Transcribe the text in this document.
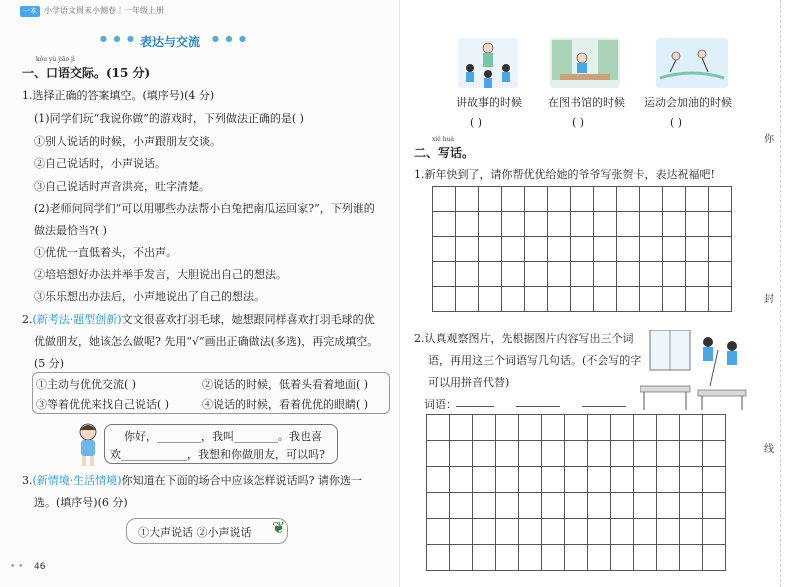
一本 小学语文周末小测卷｜一年级上册
● ● ● 表达与交流 ● ● ●
kǒu yǔ jiāo jì
一、口语交际。(15 分)
1.选择正确的答案填空。(填序号)(4 分)
(1)同学们玩“我说你做”的游戏时，下列做法正确的是( )
①别人说话的时候，小声跟朋友交谈。
②自己说话时，小声说话。
③自己说话时声音洪亮，吐字清楚。
(2)老师问同学们“可以用哪些办法帮小白兔把南瓜运回家?”，下列谁的
做法最恰当?( )
①优优一直低着头，不出声。
②培培想好办法并举手发言，大胆说出自己的想法。
③乐乐想出办法后，小声地说出了自己的想法。
2.(新考法·题型创新)文文很喜欢打羽毛球，她想跟同样喜欢打羽毛球的优
优做朋友，她该怎么做呢? 先用“√”画出正确做法(多选)，再完成填空。
(5 分)
①主动与优优交流( )	②说话的时候，低着头看着地面( )
③等着优优来找自己说话( )	④说话的时候，看着优优的眼睛( )
你好，________，我叫________。我也喜
欢____________，我想和你做朋友，可以吗?
3.(新情境·生活情境)你知道在下面的场合中应该怎样说话吗? 请你选一
选。(填序号)(6 分)
①大声说话 ②小声说话 ❦
• • 46
讲故事的时候 在图书馆的时候 运动会加油的时候
( )	( )	( )
xiě huà
二、写话。
1.新年快到了，请你帮优优给她的爷爷写张贺卡，表达祝福吧!

2.认真观察图片，先根据图片内容写出三个词
语，再用这三个词语写几句话。(不会写的字
可以用拼音代替)
词语：

你
封
线
